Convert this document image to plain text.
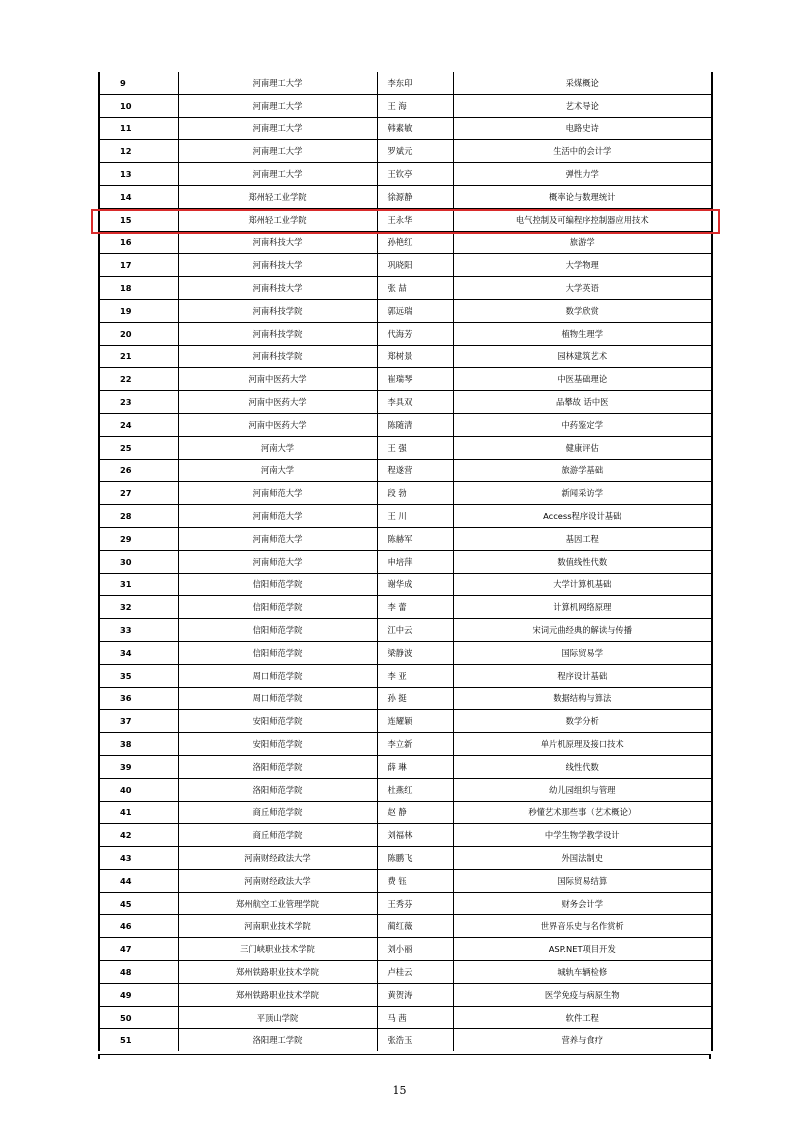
9	河南理工大学	李东印	采煤概论
10	河南理工大学	王 海	艺术导论
11	河南理工大学	韩素敏	电路史诗
12	河南理工大学	罗斌元	生活中的会计学
13	河南理工大学	王钦亭	弹性力学
14	郑州轻工业学院	徐源静	概率论与数理统计
15	郑州轻工业学院	王永华	电气控制及可编程序控制器应用技术
16	河南科技大学	孙艳红	旅游学
17	河南科技大学	巩晓阳	大学物理
18	河南科技大学	张 喆	大学英语
19	河南科技学院	郭远瑞	数学欣赏
20	河南科技学院	代海芳	植物生理学
21	河南科技学院	郑树景	园林建筑艺术
22	河南中医药大学	崔瑞琴	中医基础理论
23	河南中医药大学	李具双	品攀故 话中医
24	河南中医药大学	陈随清	中药鉴定学
25	河南大学	王 强	健康评估
26	河南大学	程遂营	旅游学基础
27	河南师范大学	段 勃	新闻采访学
28	河南师范大学	王 川	Access程序设计基础
29	河南师范大学	陈赫军	基因工程
30	河南师范大学	申培萍	数值线性代数
31	信阳师范学院	谢华成	大学计算机基础
32	信阳师范学院	李 蕾	计算机网络原理
33	信阳师范学院	江中云	宋词元曲经典的解读与传播
34	信阳师范学院	梁静波	国际贸易学
35	周口师范学院	李 亚	程序设计基础
36	周口师范学院	孙 挺	数据结构与算法
37	安阳师范学院	连耀颖	数学分析
38	安阳师范学院	李立新	单片机原理及接口技术
39	洛阳师范学院	薛 琳	线性代数
40	洛阳师范学院	杜燕红	幼儿园组织与管理
41	商丘师范学院	赵 静	秒懂艺术那些事（艺术概论）
42	商丘师范学院	刘福林	中学生物学教学设计
43	河南财经政法大学	陈鹏飞	外国法制史
44	河南财经政法大学	费 钰	国际贸易结算
45	郑州航空工业管理学院	王秀芬	财务会计学
46	河南职业技术学院	蔺红薇	世界音乐史与名作赏析
47	三门峡职业技术学院	刘小丽	ASP.NET项目开发
48	郑州铁路职业技术学院	卢桂云	城轨车辆检修
49	郑州铁路职业技术学院	黄贺涛	医学免疫与病原生物
50	平顶山学院	马 茜	软件工程
51	洛阳理工学院	张浩玉	营养与食疗
15
